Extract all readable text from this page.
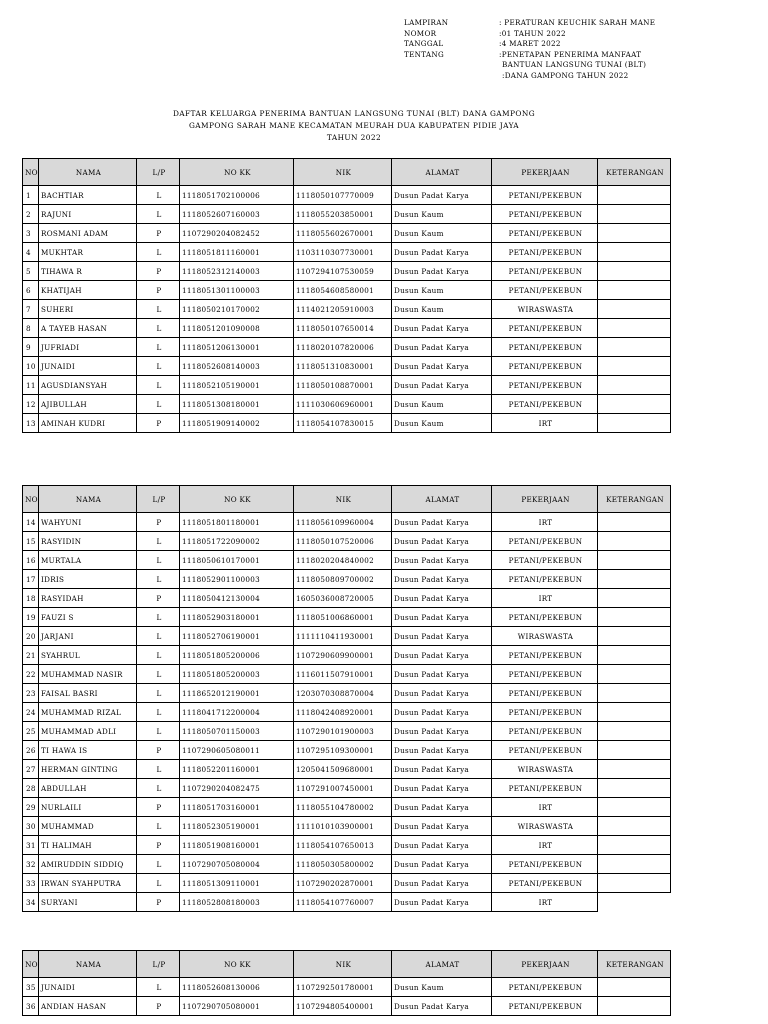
LAMPIRAN	: PERATURAN KEUCHIK SARAH MANE
NOMOR	:01 TAHUN 2022
TANGGAL	:4 MARET 2022
TENTANG	:PENETAPAN PENERIMA MANFAAT
BANTUAN LANGSUNG TUNAI (BLT)
:DANA GAMPONG TAHUN 2022
DAFTAR KELUARGA PENERIMA BANTUAN LANGSUNG TUNAI (BLT) DANA GAMPONG
GAMPONG SARAH MANE KECAMATAN MEURAH DUA KABUPATEN PIDIE JAYA
TAHUN 2022
NO	NAMA	L/P	NO KK	NIK	ALAMAT	PEKERJAAN	KETERANGAN
1	BACHTIAR	L	1118051702100006	1118050107770009	Dusun Padat Karya	PETANI/PEKEBUN	
2	RAJUNI	L	1118052607160003	1118055203850001	Dusun Kaum	PETANI/PEKEBUN	
3	ROSMANI ADAM	P	1107290204082452	1118055602670001	Dusun Kaum	PETANI/PEKEBUN	
4	MUKHTAR	L	1118051811160001	1103110307730001	Dusun Padat Karya	PETANI/PEKEBUN	
5	TIHAWA R	P	1118052312140003	1107294107530059	Dusun Padat Karya	PETANI/PEKEBUN	
6	KHATIJAH	P	1118051301100003	1118054608580001	Dusun Kaum	PETANI/PEKEBUN	
7	SUHERI	L	1118050210170002	1114021205910003	Dusun Kaum	WIRASWASTA	
8	A TAYEB HASAN	L	1118051201090008	1118050107650014	Dusun Padat Karya	PETANI/PEKEBUN	
9	JUFRIADI	L	1118051206130001	1118020107820006	Dusun Padat Karya	PETANI/PEKEBUN	
10	JUNAIDI	L	1118052608140003	1118051310830001	Dusun Padat Karya	PETANI/PEKEBUN	
11	AGUSDIANSYAH	L	1118052105190001	1118050108870001	Dusun Padat Karya	PETANI/PEKEBUN	
12	AJIBULLAH	L	1118051308180001	1111030606960001	Dusun Kaum	PETANI/PEKEBUN	
13	AMINAH KUDRI	P	1118051909140002	1118054107830015	Dusun Kaum	IRT	
NO	NAMA	L/P	NO KK	NIK	ALAMAT	PEKERJAAN	KETERANGAN
14	WAHYUNI	P	1118051801180001	1118056109960004	Dusun Padat Karya	IRT	
15	RASYIDIN	L	1118051722090002	1118050107520006	Dusun Padat Karya	PETANI/PEKEBUN	
16	MURTALA	L	1118050610170001	1118020204840002	Dusun Padat Karya	PETANI/PEKEBUN	
17	IDRIS	L	1118052901100003	1118050809700002	Dusun Padat Karya	PETANI/PEKEBUN	
18	RASYIDAH	P	1118050412130004	1605036008720005	Dusun Padat Karya	IRT	
19	FAUZI S	L	1118052903180001	1118051006860001	Dusun Padat Karya	PETANI/PEKEBUN	
20	JARJANI	L	1118052706190001	1111110411930001	Dusun Padat Karya	WIRASWASTA	
21	SYAHRUL	L	1118051805200006	1107290609900001	Dusun Padat Karya	PETANI/PEKEBUN	
22	MUHAMMAD NASIR	L	1118051805200003	1116011507910001	Dusun Padat Karya	PETANI/PEKEBUN	
23	FAISAL BASRI	L	1118652012190001	1203070308870004	Dusun Padat Karya	PETANI/PEKEBUN	
24	MUHAMMAD RIZAL	L	1118041712200004	1118042408920001	Dusun Padat Karya	PETANI/PEKEBUN	
25	MUHAMMAD ADLI	L	1118050701150003	1107290101900003	Dusun Padat Karya	PETANI/PEKEBUN	
26	TI HAWA IS	P	1107290605080011	1107295109300001	Dusun Padat Karya	PETANI/PEKEBUN	
27	HERMAN GINTING	L	1118052201160001	1205041509680001	Dusun Padat Karya	WIRASWASTA	
28	ABDULLAH	L	1107290204082475	1107291007450001	Dusun Padat Karya	PETANI/PEKEBUN	
29	NURLAILI	P	1118051703160001	1118055104780002	Dusun Padat Karya	IRT	
30	MUHAMMAD	L	1118052305190001	1111010103900001	Dusun Padat Karya	WIRASWASTA	
31	TI HALIMAH	P	1118051908160001	1118054107650013	Dusun Padat Karya	IRT	
32	AMIRUDDIN SIDDIQ	L	1107290705080004	1118050305800002	Dusun Padat Karya	PETANI/PEKEBUN	
33	IRWAN SYAHPUTRA	L	1118051309110001	1107290202870001	Dusun Padat Karya	PETANI/PEKEBUN	
34	SURYANI	P	1118052808180003	1118054107760007	Dusun Padat Karya	IRT	
NO	NAMA	L/P	NO KK	NIK	ALAMAT	PEKERJAAN	KETERANGAN
35	JUNAIDI	L	1118052608130006	1107292501780001	Dusun Kaum	PETANI/PEKEBUN	
36	ANDIAN HASAN	P	1107290705080001	1107294805400001	Dusun Padat Karya	PETANI/PEKEBUN	
